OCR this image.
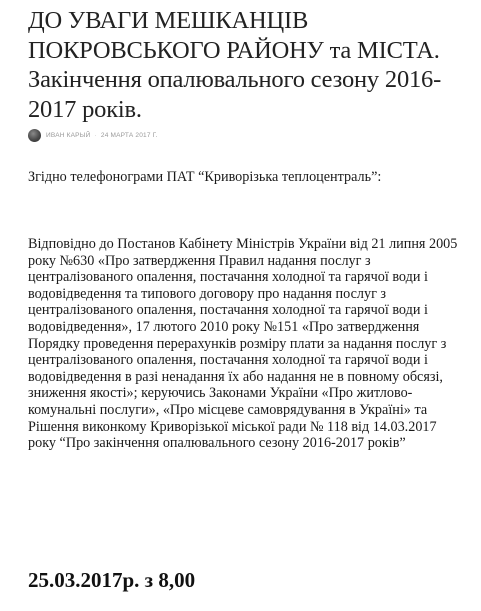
ДО УВАГИ МЕШКАНЦІВ ПОКРОВСЬКОГО РАЙОНУ та МІСТА. Закінчення опалювального сезону 2016-2017 років.
ИВАН КАРЫЙ · 24 МАРТА 2017 Г.

Згідно телефонограми ПАТ “Криворізька теплоцентраль”:

Відповідно до Постанов Кабінету Міністрів України від 21 липня 2005 року №630 «Про затвердження Правил надання послуг з централізованого опалення, постачання холодної та гарячої води і водовідведення та типового договору про надання послуг з централізованого опалення, постачання холодної та гарячої води і водовідведення», 17 лютого 2010 року №151 «Про затвердження Порядку проведення перерахунків розміру плати за надання послуг з централізованого опалення, постачання холодної та гарячої води і водовідведення в разі ненадання їх або надання не в повному обсязі, зниження якості»; керуючись Законами України «Про житлово-комунальні послуги», «Про місцеве самоврядування в Україні» та Рішення виконкому Криворізької міської ради № 118 від 14.03.2017 року “Про закінчення опалювального сезону 2016-2017 років”

25.03.2017р. з 8,00
